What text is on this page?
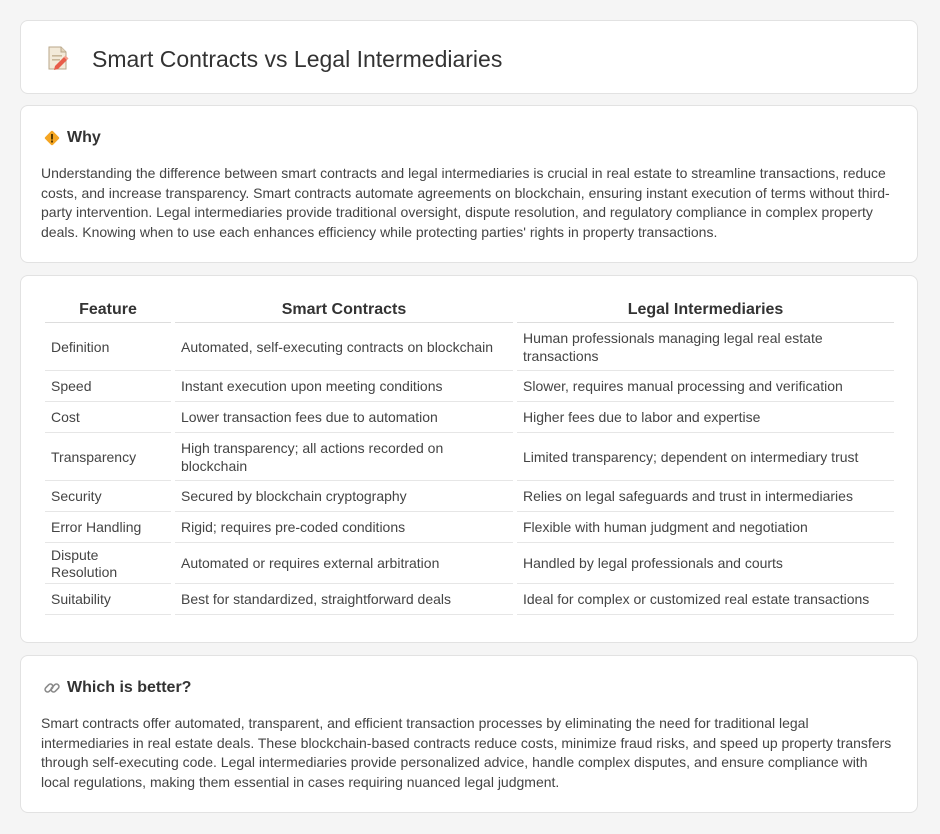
Smart Contracts vs Legal Intermediaries
Why

Understanding the difference between smart contracts and legal intermediaries is crucial in real estate to streamline transactions, reduce costs, and increase transparency. Smart contracts automate agreements on blockchain, ensuring instant execution of terms without third-party intervention. Legal intermediaries provide traditional oversight, dispute resolution, and regulatory compliance in complex property deals. Knowing when to use each enhances efficiency while protecting parties' rights in property transactions.

Feature	Smart Contracts	Legal Intermediaries
Definition	Automated, self-executing contracts on blockchain	Human professionals managing legal real estate transactions
Speed	Instant execution upon meeting conditions	Slower, requires manual processing and verification
Cost	Lower transaction fees due to automation	Higher fees due to labor and expertise
Transparency	High transparency; all actions recorded on blockchain	Limited transparency; dependent on intermediary trust
Security	Secured by blockchain cryptography	Relies on legal safeguards and trust in intermediaries
Error Handling	Rigid; requires pre-coded conditions	Flexible with human judgment and negotiation
Dispute Resolution	Automated or requires external arbitration	Handled by legal professionals and courts
Suitability	Best for standardized, straightforward deals	Ideal for complex or customized real estate transactions
Which is better?

Smart contracts offer automated, transparent, and efficient transaction processes by eliminating the need for traditional legal intermediaries in real estate deals. These blockchain-based contracts reduce costs, minimize fraud risks, and speed up property transfers through self-executing code. Legal intermediaries provide personalized advice, handle complex disputes, and ensure compliance with local regulations, making them essential in cases requiring nuanced legal judgment.
